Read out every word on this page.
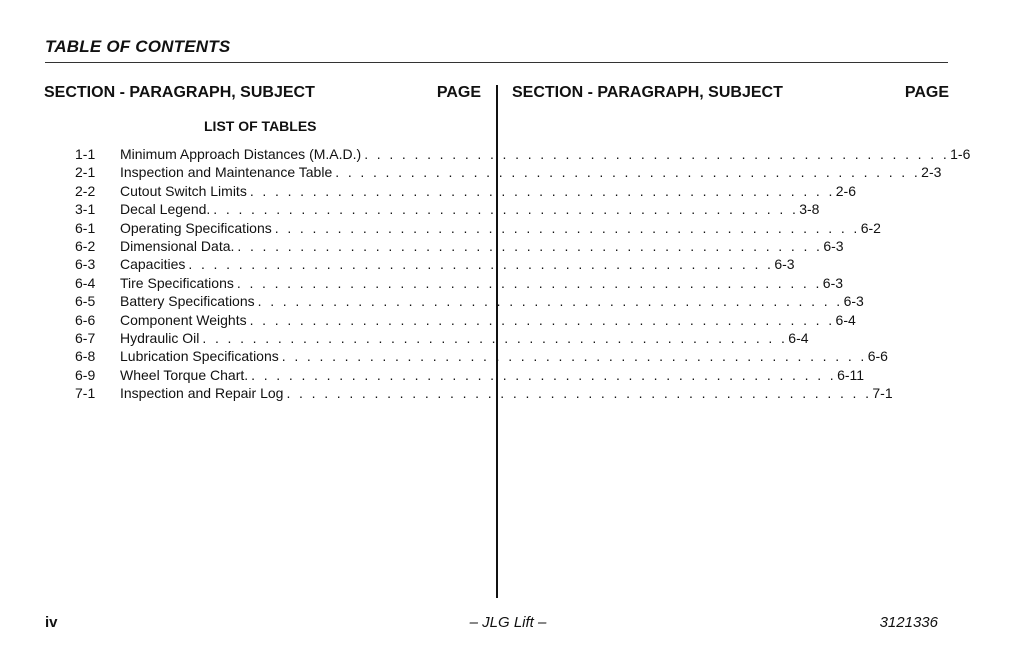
TABLE OF CONTENTS
SECTION - PARAGRAPH, SUBJECT	PAGE SECTION - PARAGRAPH, SUBJECT	PAGE
LIST OF TABLES
1-1	Minimum Approach Distances (M.A.D.) . . . . . . . . . . . . . . . . . . . . . . . . . . . . . . . . . . . . . . . . . . . . . . . 1-6
2-1	Inspection and Maintenance Table . . . . . . . . . . . . . . . . . . . . . . . . . . . . . . . . . . . . . . . . . . . . . . . 2-3
2-2	Cutout Switch Limits . . . . . . . . . . . . . . . . . . . . . . . . . . . . . . . . . . . . . . . . . . . . . . . 2-6
3-1	Decal Legend. . . . . . . . . . . . . . . . . . . . . . . . . . . . . . . . . . . . . . . . . . . . . . . . 3-8
6-1	Operating Specifications . . . . . . . . . . . . . . . . . . . . . . . . . . . . . . . . . . . . . . . . . . . . . . . 6-2
6-2	Dimensional Data. . . . . . . . . . . . . . . . . . . . . . . . . . . . . . . . . . . . . . . . . . . . . . . . 6-3
6-3	Capacities . . . . . . . . . . . . . . . . . . . . . . . . . . . . . . . . . . . . . . . . . . . . . . . 6-3
6-4	Tire Specifications . . . . . . . . . . . . . . . . . . . . . . . . . . . . . . . . . . . . . . . . . . . . . . . 6-3
6-5	Battery Specifications . . . . . . . . . . . . . . . . . . . . . . . . . . . . . . . . . . . . . . . . . . . . . . . 6-3
6-6	Component Weights . . . . . . . . . . . . . . . . . . . . . . . . . . . . . . . . . . . . . . . . . . . . . . . 6-4
6-7	Hydraulic Oil . . . . . . . . . . . . . . . . . . . . . . . . . . . . . . . . . . . . . . . . . . . . . . . 6-4
6-8	Lubrication Specifications . . . . . . . . . . . . . . . . . . . . . . . . . . . . . . . . . . . . . . . . . . . . . . . 6-6
6-9	Wheel Torque Chart. . . . . . . . . . . . . . . . . . . . . . . . . . . . . . . . . . . . . . . . . . . . . . . . 6-11
7-1	Inspection and Repair Log . . . . . . . . . . . . . . . . . . . . . . . . . . . . . . . . . . . . . . . . . . . . . . . 7-1
iv	– JLG Lift –	3121336
